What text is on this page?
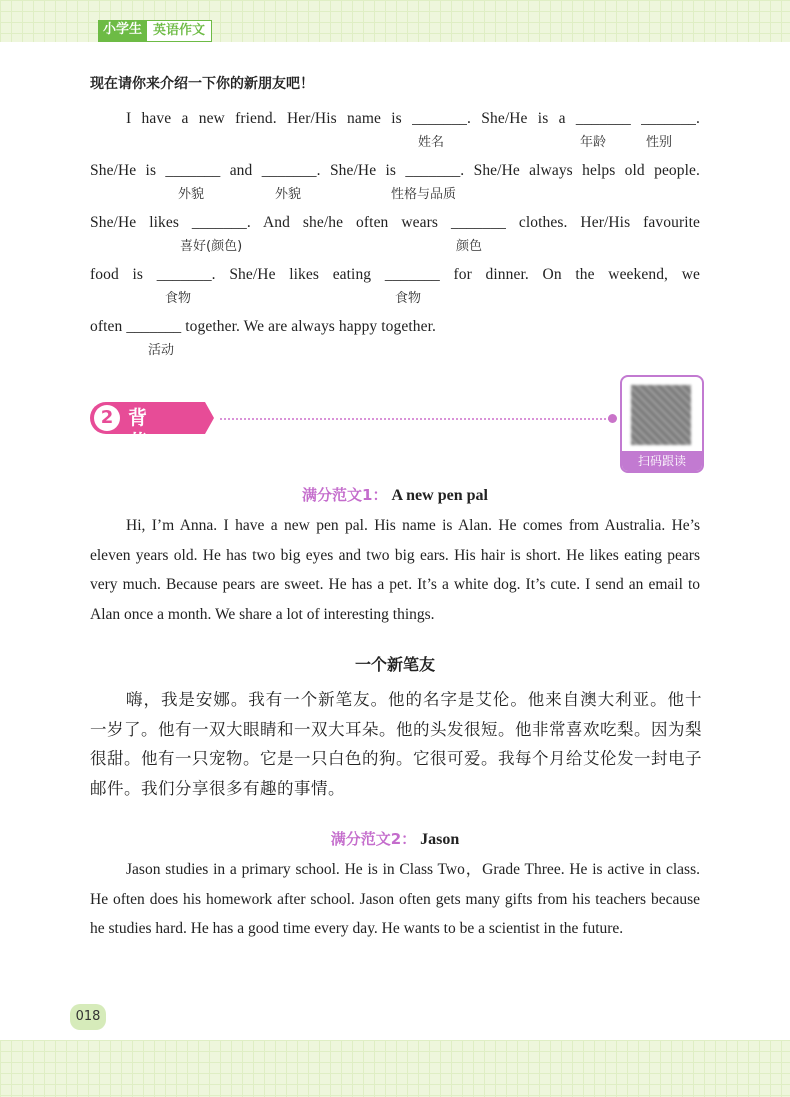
小学生 英语作文
现在请你来介绍一下你的新朋友吧！
I have a new friend. Her/His name is _______. She/He is a _______ _______.
She/He is _______ and _______. She/He is _______. She/He always helps old people.
She/He likes _______. And she/he often wears _______ clothes. Her/His favourite
food is _______. She/He likes eating _______ for dinner. On the weekend, we
often _______ together. We are always happy together.
姓名	年龄	性别
外貌	外貌	性格与品质
喜好(颜色)	颜色
食物	食物
活动
2 背范文	扫码跟读
满分范文1： A new pen pal
Hi, I’m Anna. I have a new pen pal. His name is Alan. He comes from Australia. He’s eleven years old. He has two big eyes and two big ears. His hair is short. He likes eating pears very much. Because pears are sweet. He has a pet. It’s a white dog. It’s cute. I send an email to Alan once a month. We share a lot of interesting things.
一个新笔友
嗨，我是安娜。我有一个新笔友。他的名字是艾伦。他来自澳大利亚。他十一岁了。他有一双大眼睛和一双大耳朵。他的头发很短。他非常喜欢吃梨。因为梨很甜。他有一只宠物。它是一只白色的狗。它很可爱。我每个月给艾伦发一封电子邮件。我们分享很多有趣的事情。
满分范文2： Jason
Jason studies in a primary school. He is in Class Two，Grade Three. He is active in class. He often does his homework after school. Jason often gets many gifts from his teachers because he studies hard. He has a good time every day. He wants to be a scientist in the future.
018
